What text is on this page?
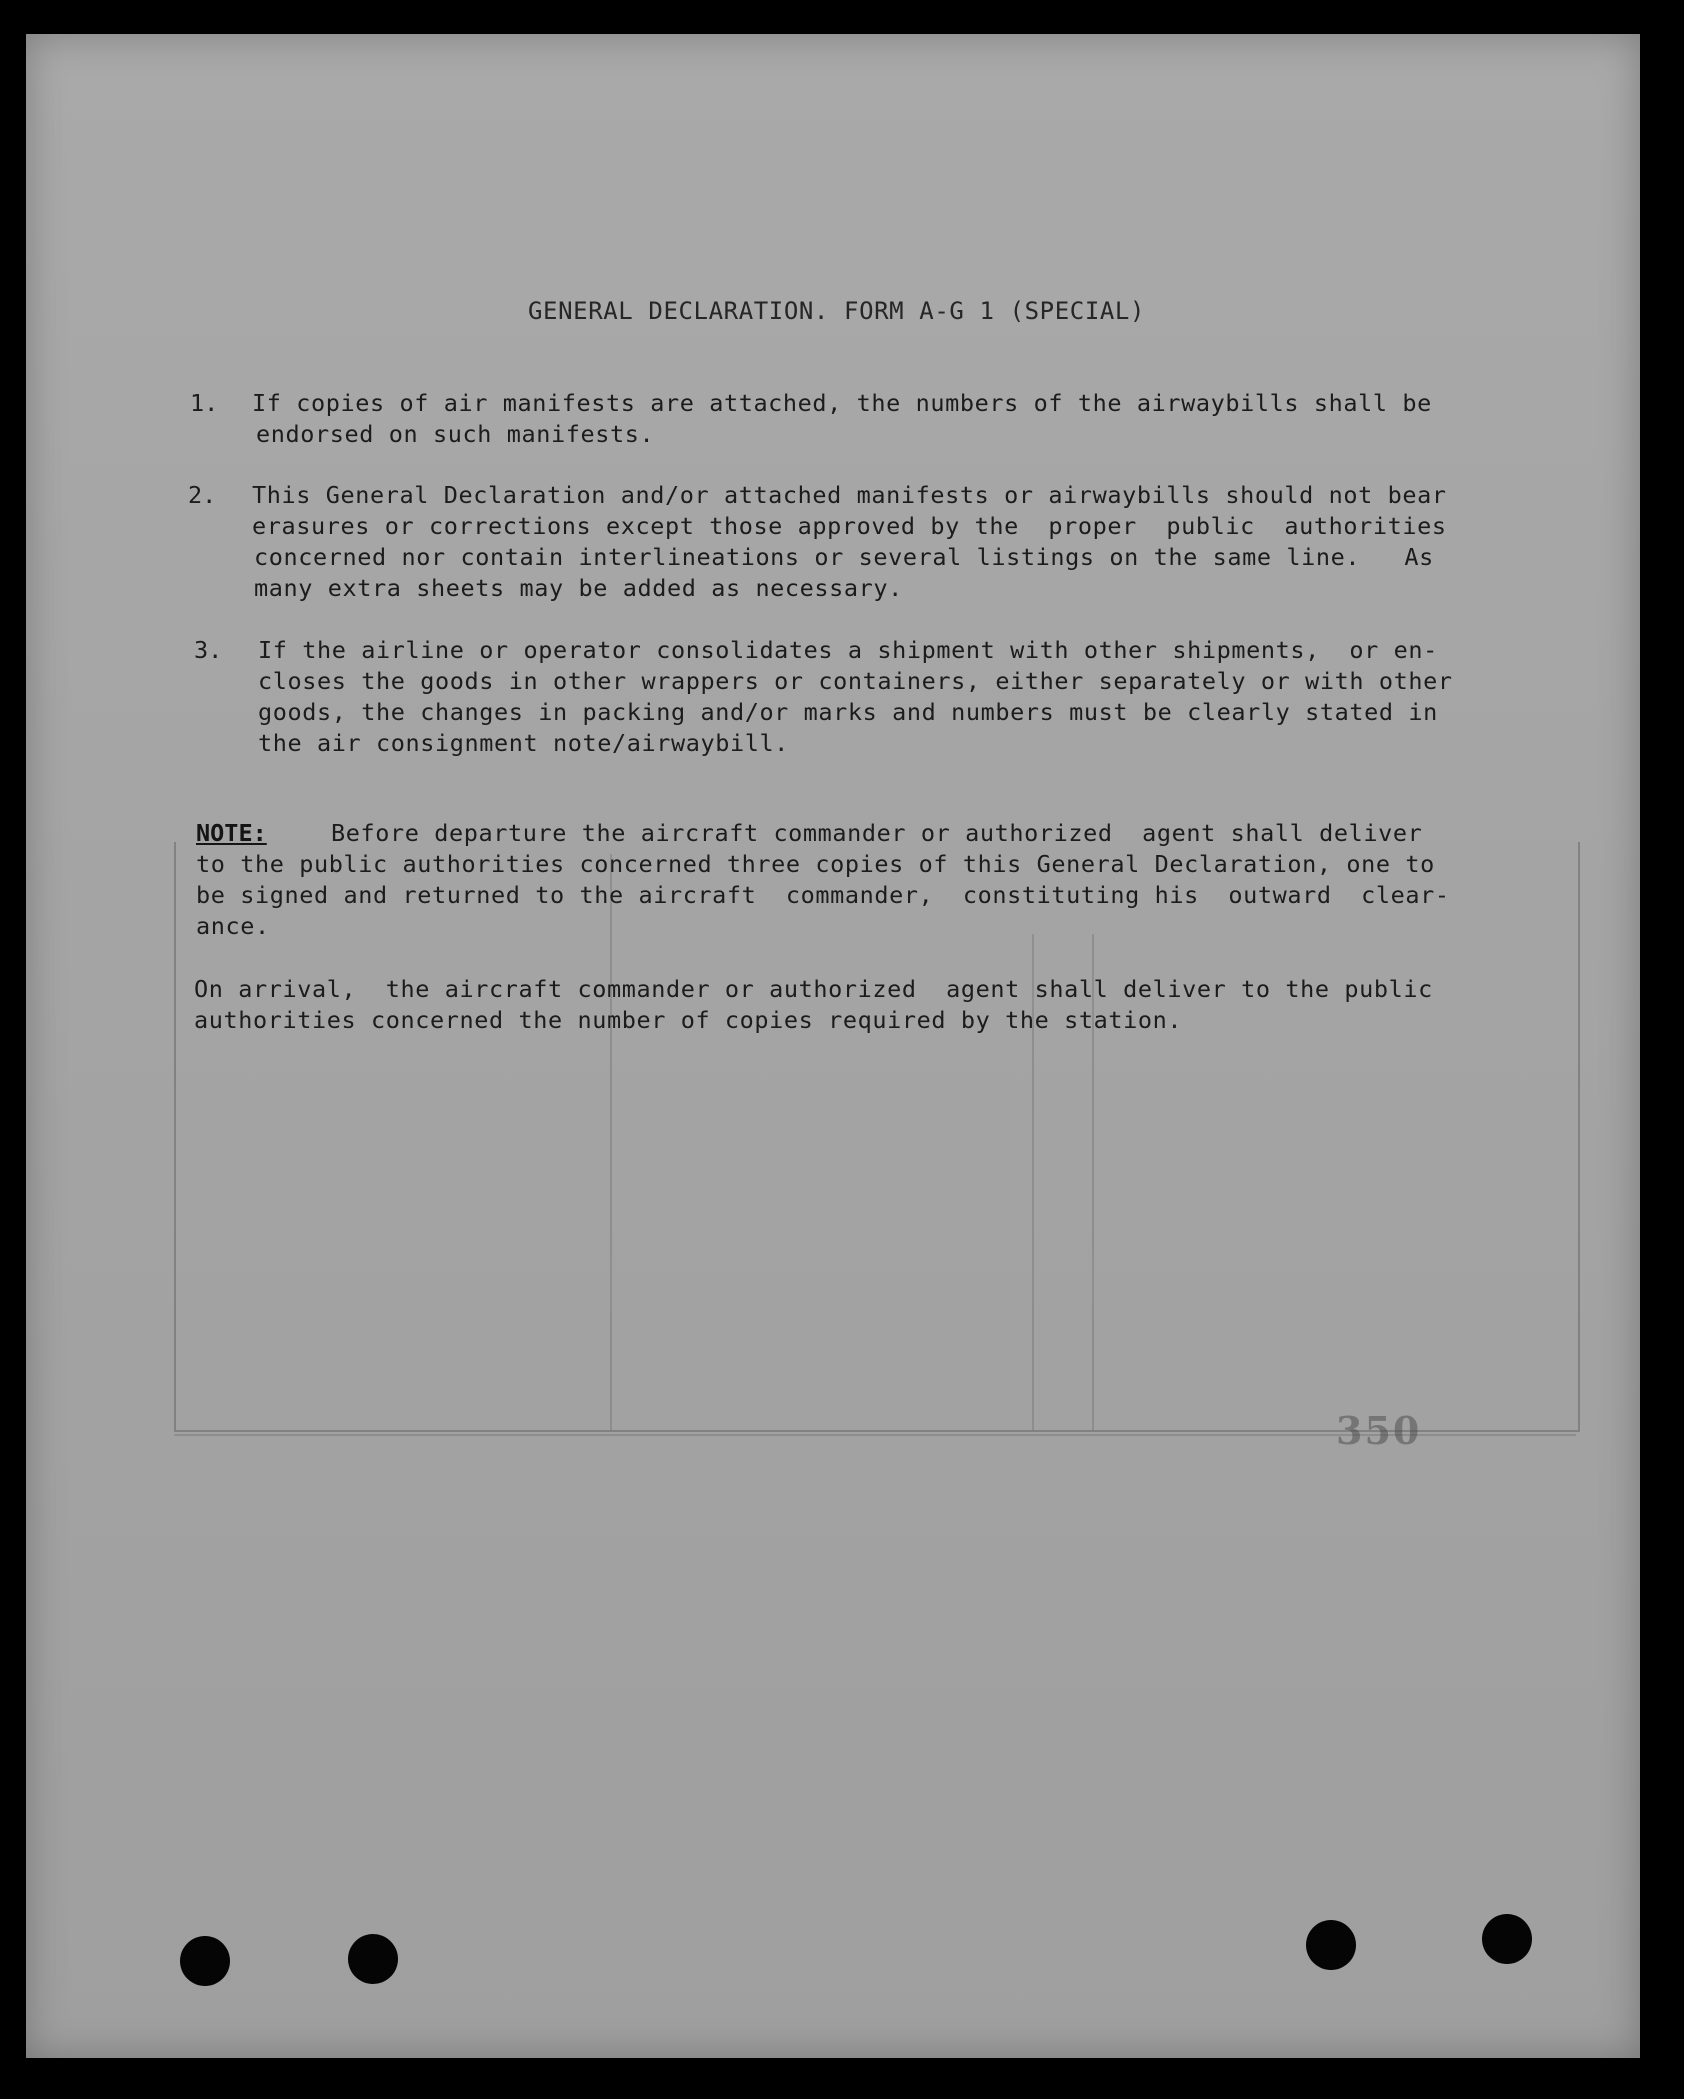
350

GENERAL DECLARATION. FORM A-G 1 (SPECIAL)

1. If copies of air manifests are attached, the numbers of the airwaybills shall be

endorsed on such manifests.

2. This General Declaration and/or attached manifests or airwaybills should not bear

erasures or corrections except those approved by the  proper  public  authorities

concerned nor contain interlineations or several listings on the same line.   As

many extra sheets may be added as necessary.

3. If the airline or operator consolidates a shipment with other shipments,  or en-

closes the goods in other wrappers or containers, either separately or with other

goods, the changes in packing and/or marks and numbers must be clearly stated in

the air consignment note/airwaybill.

NOTE: Before departure the aircraft commander or authorized  agent shall deliver

to the public authorities concerned three copies of this General Declaration, one to

be signed and returned to the aircraft  commander,  constituting his  outward  clear-

ance.

On arrival,  the aircraft commander or authorized  agent shall deliver to the public

authorities concerned the number of copies required by the station.
